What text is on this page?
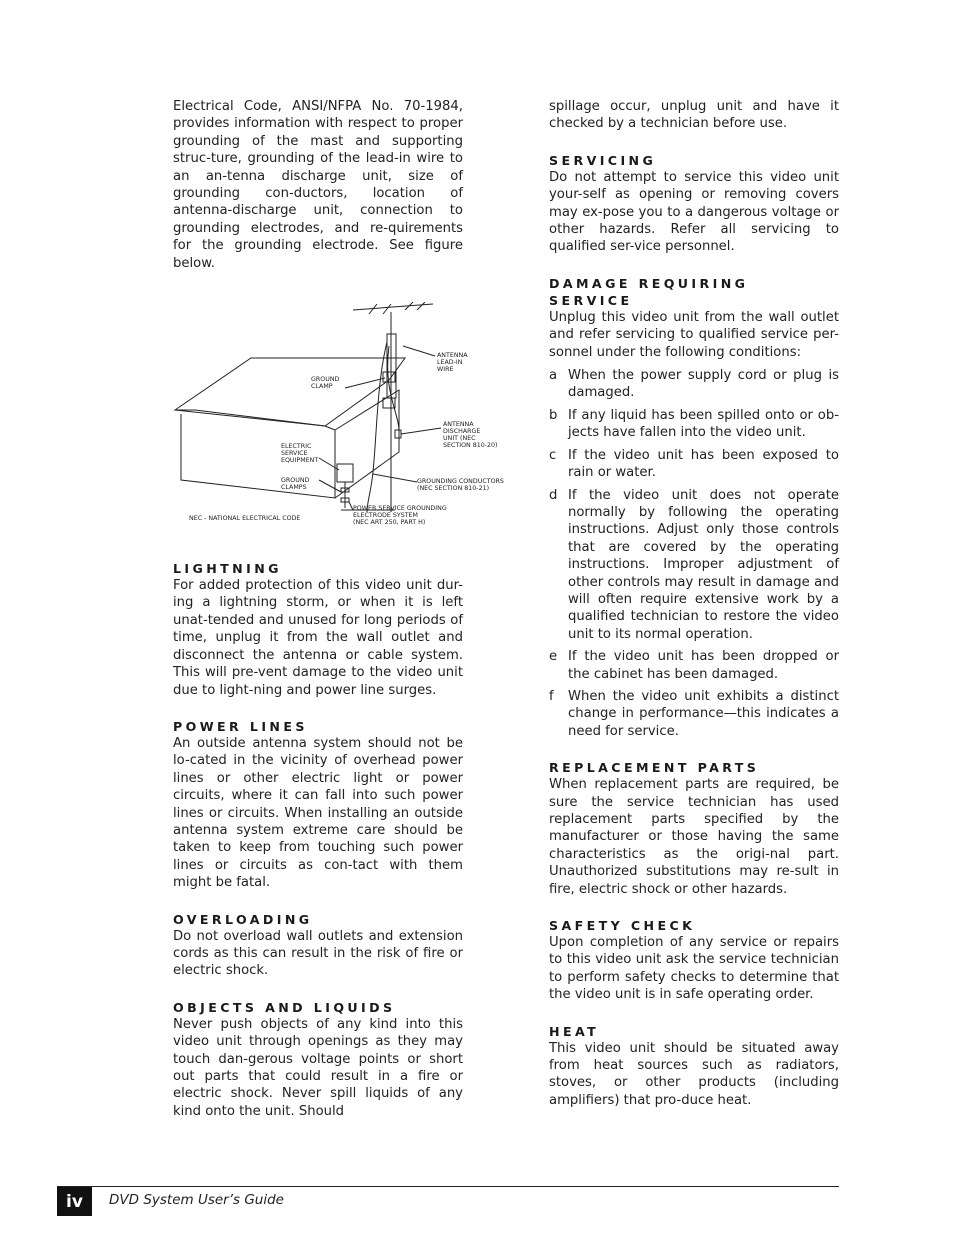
Electrical Code, ANSI/NFPA No. 70-1984, provides information with respect to proper grounding of the mast and supporting struc-ture, grounding of the lead-in wire to an an-tenna discharge unit, size of grounding con-ductors, location of antenna-discharge unit, connection to grounding electrodes, and re-quirements for the grounding electrode. See figure below.

ANTENNA
LEAD-IN
WIRE
GROUND
CLAMP
ANTENNA
DISCHARGE
UNIT (NEC
SECTION 810-20)
ELECTRIC
SERVICE
EQUIPMENT
GROUND
CLAMPS
GROUNDING CONDUCTORS
(NEC SECTION 810-21)
POWER SERVICE GROUNDING
ELECTRODE SYSTEM
(NEC ART 250, PART H)
NEC - NATIONAL ELECTRICAL CODE
LIGHTNING

For added protection of this video unit dur-ing a lightning storm, or when it is left unat-tended and unused for long periods of time, unplug it from the wall outlet and disconnect the antenna or cable system. This will pre-vent damage to the video unit due to light-ning and power line surges.

POWER LINES

An outside antenna system should not be lo-cated in the vicinity of overhead power lines or other electric light or power circuits, where it can fall into such power lines or circuits. When installing an outside antenna system extreme care should be taken to keep from touching such power lines or circuits as con-tact with them might be fatal.

OVERLOADING

Do not overload wall outlets and extension cords as this can result in the risk of fire or electric shock.

OBJECTS AND LIQUIDS

Never push objects of any kind into this video unit through openings as they may touch dan-gerous voltage points or short out parts that could result in a fire or electric shock. Never spill liquids of any kind onto the unit. Should

spillage occur, unplug unit and have it checked by a technician before use.

SERVICING

Do not attempt to service this video unit your-self as opening or removing covers may ex-pose you to a dangerous voltage or other hazards. Refer all servicing to qualified ser-vice personnel.

DAMAGE REQUIRING SERVICE

Unplug this video unit from the wall outlet and refer servicing to qualified service per-sonnel under the following conditions:

a When the power supply cord or plug is damaged.
b If any liquid has been spilled onto or ob-jects have fallen into the video unit.
c If the video unit has been exposed to rain or water.
d If the video unit does not operate normally by following the operating instructions. Adjust only those controls that are covered by the operating instructions. Improper adjustment of other controls may result in damage and will often require extensive work by a qualified technician to restore the video unit to its normal operation.
e If the video unit has been dropped or the cabinet has been damaged.
f	When the video unit exhibits a distinct change in performance—this indicates a need for service.
REPLACEMENT PARTS

When replacement parts are required, be sure the service technician has used replacement parts specified by the manufacturer or those having the same characteristics as the origi-nal part. Unauthorized substitutions may re-sult in fire, electric shock or other hazards.

SAFETY CHECK

Upon completion of any service or repairs to this video unit ask the service technician to perform safety checks to determine that the video unit is in safe operating order.

HEAT

This video unit should be situated away from heat sources such as radiators, stoves, or other products (including amplifiers) that pro-duce heat.

iv	DVD System User’s Guide
